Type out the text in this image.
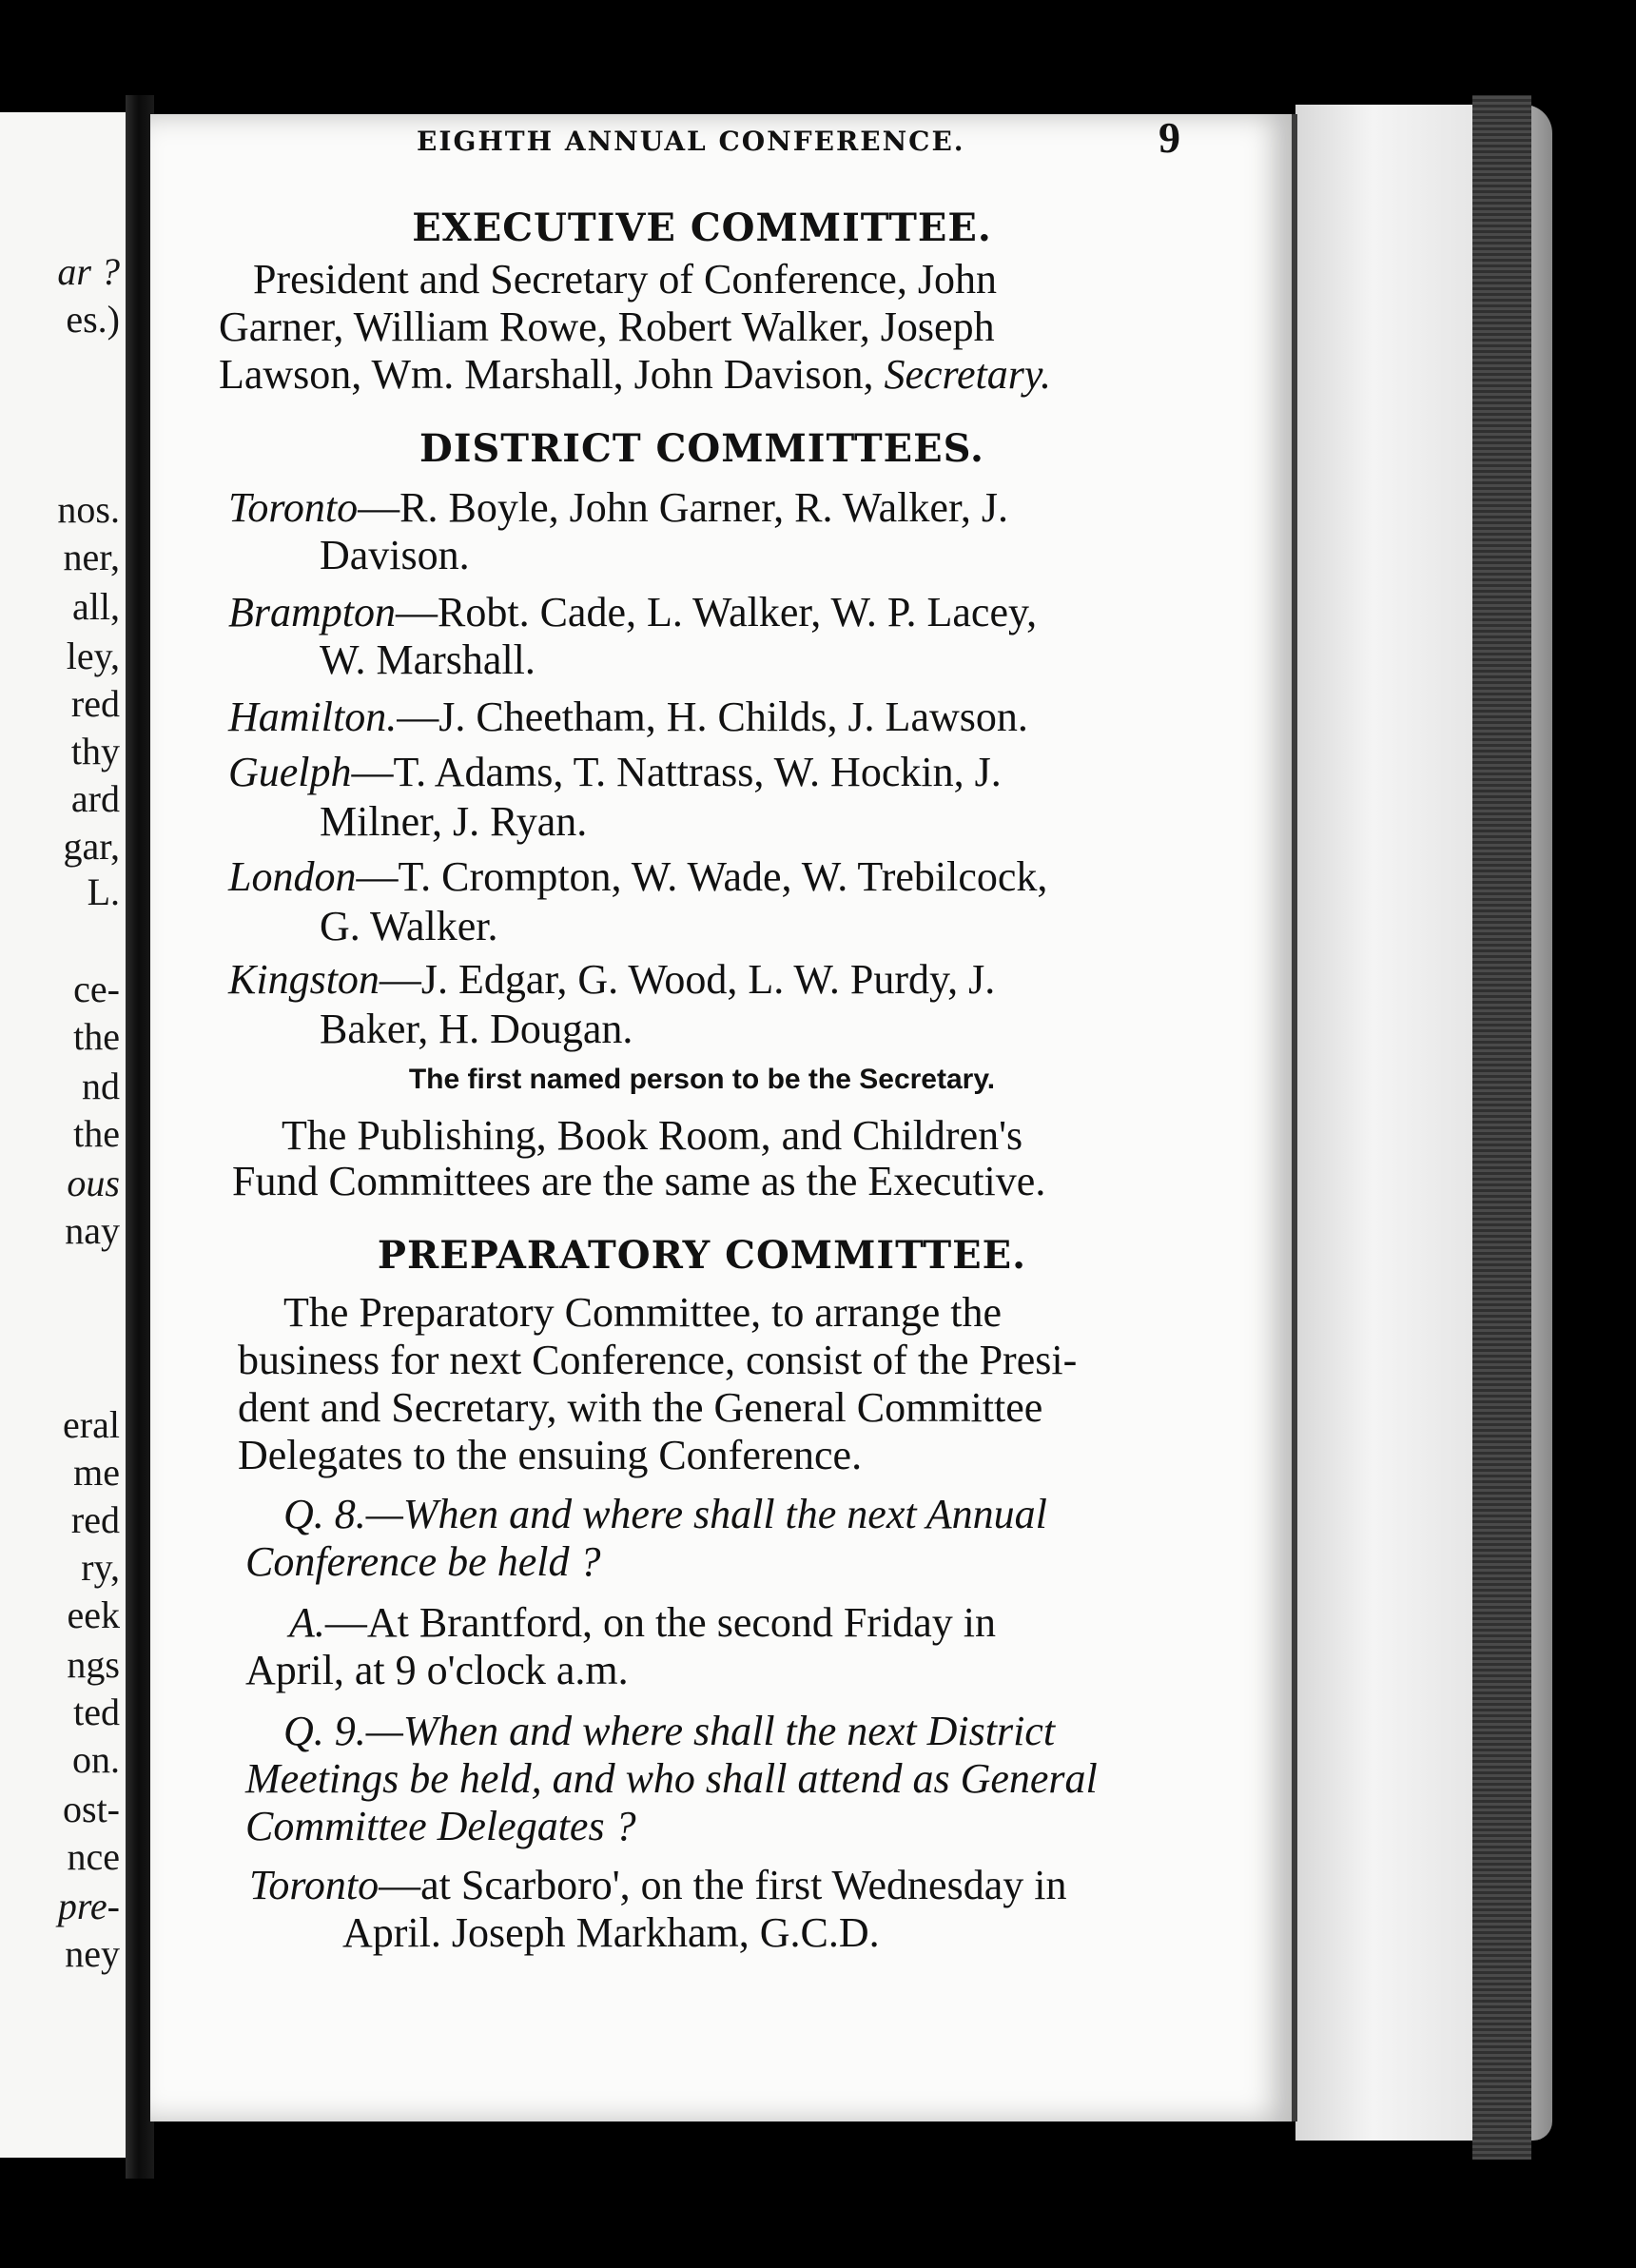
ar ?
es.)
nos.
ner,
all,
ley,
red
thy
ard
gar,
L.
ce-
the
nd
the
ous
nay
eral
me
red
ry,
eek
ngs
ted
on.
ost-
nce
pre-
ney
EIGHTH ANNUAL CONFERENCE.	9
EXECUTIVE COMMITTEE.
President and Secretary of Conference, John
Garner, William Rowe, Robert Walker, Joseph
Lawson, Wm. Marshall, John Davison, Secretary.
DISTRICT COMMITTEES.
Toronto—R. Boyle, John Garner, R. Walker, J.
Davison.
Brampton—Robt. Cade, L. Walker, W. P. Lacey,
W. Marshall.
Hamilton.—J. Cheetham, H. Childs, J. Lawson.
Guelph—T. Adams, T. Nattrass, W. Hockin, J.
Milner, J. Ryan.
London—T. Crompton, W. Wade, W. Trebilcock,
G. Walker.
Kingston—J. Edgar, G. Wood, L. W. Purdy, J.
Baker, H. Dougan.
The first named person to be the Secretary.
The Publishing, Book Room, and Children's
Fund Committees are the same as the Executive.
PREPARATORY COMMITTEE.
The Preparatory Committee, to arrange the
business for next Conference, consist of the Presi-
dent and Secretary, with the General Committee
Delegates to the ensuing Conference.
Q. 8.—When and where shall the next Annual
Conference be held ?
A.—At Brantford, on the second Friday in
April, at 9 o'clock a.m.
Q. 9.—When and where shall the next District
Meetings be held, and who shall attend as General
Committee Delegates ?
Toronto—at Scarboro', on the first Wednesday in
April. Joseph Markham, G.C.D.
